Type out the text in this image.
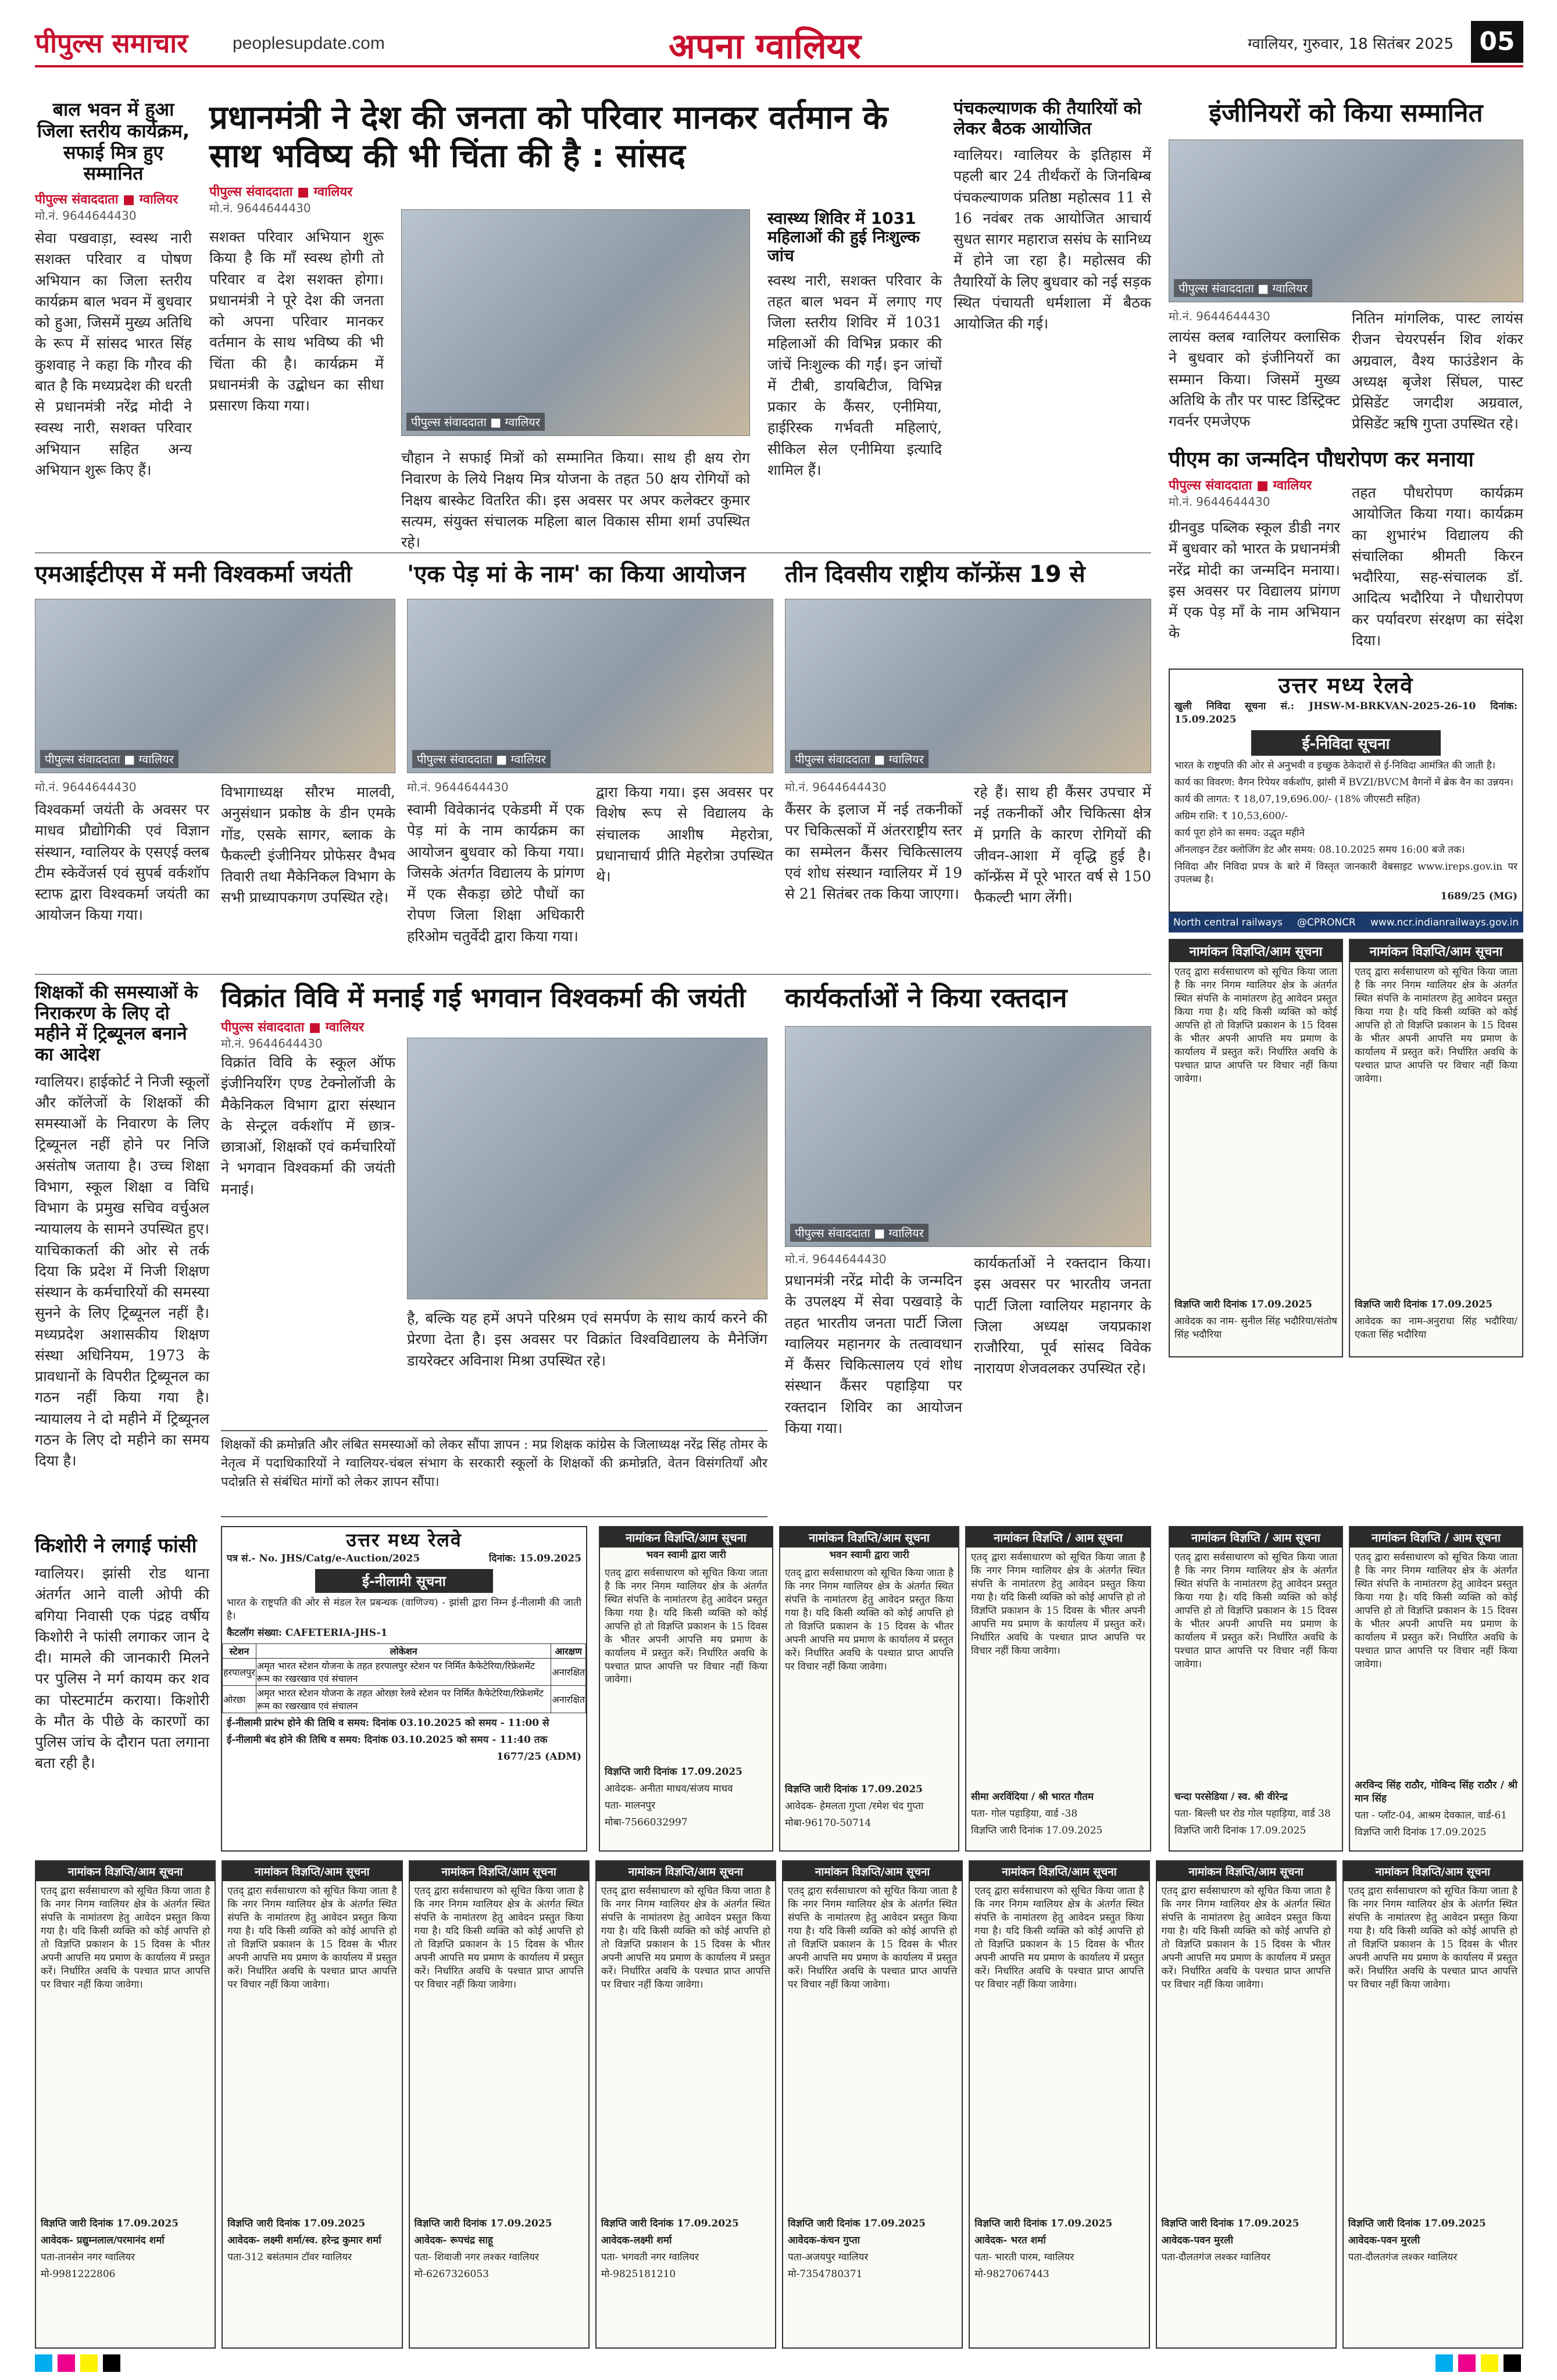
पीपुल्स समाचार	peoplesupdate.com	अपना ग्वालियर	ग्वालियर, गुरुवार, 18 सितंबर 2025	05
बाल भवन में हुआ जिला स्तरीय कार्यक्रम, सफाई मित्र हुए सम्मानित
पीपुल्स संवाददाता ■ ग्वालियर
मो.नं. 9644644430
सेवा पखवाड़ा, स्वस्थ नारी सशक्त परिवार व पोषण अभियान का जिला स्तरीय कार्यक्रम बाल भवन में बुधवार को हुआ, जिसमें मुख्य अतिथि के रूप में सांसद भारत सिंह कुशवाह ने कहा कि गौरव की बात है कि मध्यप्रदेश की धरती से प्रधानमंत्री नरेंद्र मोदी ने स्वस्थ नारी, सशक्त परिवार अभियान सहित अन्य अभियान शुरू किए हैं।
प्रधानमंत्री ने देश की जनता को परिवार मानकर वर्तमान के साथ भविष्य की भी चिंता की है : सांसद
पीपुल्स संवाददाता ■ ग्वालियर
मो.नं. 9644644430
सशक्त परिवार अभियान शुरू किया है कि माँ स्वस्थ होगी तो परिवार व देश सशक्त होगा। प्रधानमंत्री ने पूरे देश की जनता को अपना परिवार मानकर वर्तमान के साथ भविष्य की भी चिंता की है। कार्यक्रम में प्रधानमंत्री के उद्बोधन का सीधा प्रसारण किया गया।
पीपुल्स संवाददाता ■ ग्वालियर
चौहान ने सफाई मित्रों को सम्मानित किया। साथ ही क्षय रोग निवारण के लिये निक्षय मित्र योजना के तहत 50 क्षय रोगियों को निक्षय बास्केट वितरित की। इस अवसर पर अपर कलेक्टर कुमार सत्यम, संयुक्त संचालक महिला बाल विकास सीमा शर्मा उपस्थित रहे।
स्वास्थ्य शिविर में 1031 महिलाओं की हुई निःशुल्क जांच
स्वस्थ नारी, सशक्त परिवार के तहत बाल भवन में लगाए गए जिला स्तरीय शिविर में 1031 महिलाओं की विभिन्न प्रकार की जांचें निःशुल्क की गईं। इन जांचों में टीबी, डायबिटीज, विभिन्न प्रकार के कैंसर, एनीमिया, हाईरिस्क गर्भवती महिलाएं, सीकिल सेल एनीमिया इत्यादि शामिल हैं।
पंचकल्याणक की तैयारियों को लेकर बैठक आयोजित
ग्वालियर। ग्वालियर के इतिहास में पहली बार 24 तीर्थंकरों के जिनबिम्ब पंचकल्याणक प्रतिष्ठा महोत्सव 11 से 16 नवंबर तक आयोजित आचार्य सुधत सागर महाराज ससंघ के सानिध्य में होने जा रहा है। महोत्सव की तैयारियों के लिए बुधवार को नई सड़क स्थित पंचायती धर्मशाला में बैठक आयोजित की गई।
इंजीनियरों को किया सम्मानित
पीपुल्स संवाददाता ■ ग्वालियर
मो.नं. 9644644430
लायंस क्लब ग्वालियर क्लासिक ने बुधवार को इंजीनियरों का सम्मान किया। जिसमें मुख्य अतिथि के तौर पर पास्ट डिस्ट्रिक्ट गवर्नर एमजेएफ
नितिन मांगलिक, पास्ट लायंस रीजन चेयरपर्सन शिव शंकर अग्रवाल, वैश्य फाउंडेशन के अध्यक्ष बृजेश सिंघल, पास्ट प्रेसिडेंट जगदीश अग्रवाल, प्रेसिडेंट ऋषि गुप्ता उपस्थित रहे।
पीएम का जन्मदिन पौधरोपण कर मनाया
पीपुल्स संवाददाता ■ ग्वालियर
मो.नं. 9644644430
ग्रीनवुड पब्लिक स्कूल डीडी नगर में बुधवार को भारत के प्रधानमंत्री नरेंद्र मोदी का जन्मदिन मनाया। इस अवसर पर विद्यालय प्रांगण में एक पेड़ माँ के नाम अभियान के
तहत पौधरोपण कार्यक्रम आयोजित किया गया। कार्यक्रम का शुभारंभ विद्यालय की संचालिका श्रीमती किरन भदौरिया, सह-संचालक डॉ. आदित्य भदौरिया ने पौधारोपण कर पर्यावरण संरक्षण का संदेश दिया।
एमआईटीएस में मनी विश्वकर्मा जयंती
पीपुल्स संवाददाता ■ ग्वालियर
मो.नं. 9644644430
विश्वकर्मा जयंती के अवसर पर माधव प्रौद्योगिकी एवं विज्ञान संस्थान, ग्वालियर के एसएई क्लब टीम स्केवेंजर्स एवं सुपर्ब वर्कशॉप स्टाफ द्वारा विश्वकर्मा जयंती का आयोजन किया गया।
विभागाध्यक्ष सौरभ मालवी, अनुसंधान प्रकोष्ठ के डीन एमके गोंड, एसके सागर, ब्लाक के फैकल्टी इंजीनियर प्रोफेसर वैभव तिवारी तथा मैकेनिकल विभाग के सभी प्राध्यापकगण उपस्थित रहे।
'एक पेड़ मां के नाम' का किया आयोजन
पीपुल्स संवाददाता ■ ग्वालियर
मो.नं. 9644644430
स्वामी विवेकानंद एकेडमी में एक पेड़ मां के नाम कार्यक्रम का आयोजन बुधवार को किया गया। जिसके अंतर्गत विद्यालय के प्रांगण में एक सैकड़ा छोटे पौधों का रोपण जिला शिक्षा अधिकारी हरिओम चतुर्वेदी द्वारा किया गया।
द्वारा किया गया। इस अवसर पर विशेष रूप से विद्यालय के संचालक आशीष मेहरोत्रा, प्रधानाचार्य प्रीति मेहरोत्रा उपस्थित थे।
तीन दिवसीय राष्ट्रीय कॉन्फ्रेंस 19 से
पीपुल्स संवाददाता ■ ग्वालियर
मो.नं. 9644644430
कैंसर के इलाज में नई तकनीकों पर चिकित्सकों में अंतरराष्ट्रीय स्तर का सम्मेलन कैंसर चिकित्सालय एवं शोध संस्थान ग्वालियर में 19 से 21 सितंबर तक किया जाएगा।
रहे हैं। साथ ही कैंसर उपचार में नई तकनीकों और चिकित्सा क्षेत्र में प्रगति के कारण रोगियों की जीवन-आशा में वृद्धि हुई है। कॉन्फ्रेंस में पूरे भारत वर्ष से 150 फैकल्टी भाग लेंगी।
उत्तर मध्य रेलवे
खुली निविदा सूचना सं.: JHSW-M-BRKVAN-2025-26-10 दिनांक: 15.09.2025
ई-निविदा सूचना
भारत के राष्ट्रपति की ओर से अनुभवी व इच्छुक ठेकेदारों से ई-निविदा आमंत्रित की जाती है।
कार्य का विवरण: वैगन रिपेयर वर्कशॉप, झांसी में BVZI/BVCM वैगनों में ब्रेक वैन का उन्नयन।
कार्य की लागत: ₹ 18,07,19,696.00/- (18% जीएसटी सहित)
अग्रिम राशि: ₹ 10,53,600/-
कार्य पूरा होने का समय: उद्धृत महीने
ऑनलाइन टेंडर क्लोजिंग डेट और समय: 08.10.2025 समय 16:00 बजे तक।
निविदा और निविदा प्रपत्र के बारे में विस्तृत जानकारी वेबसाइट www.ireps.gov.in पर उपलब्ध है।
1689/25 (MG)
North central railways @CPRONCR www.ncr.indianrailways.gov.in
शिक्षकों की समस्याओं के निराकरण के लिए दो महीने में ट्रिब्यूनल बनाने का आदेश
ग्वालियर। हाईकोर्ट ने निजी स्कूलों और कॉलेजों के शिक्षकों की समस्याओं के निवारण के लिए ट्रिब्यूनल नहीं होने पर निजि असंतोष जताया है। उच्च शिक्षा विभाग, स्कूल शिक्षा व विधि विभाग के प्रमुख सचिव वर्चुअल न्यायालय के सामने उपस्थित हुए। याचिकाकर्ता की ओर से तर्क दिया कि प्रदेश में निजी शिक्षण संस्थान के कर्मचारियों की समस्या सुनने के लिए ट्रिब्यूनल नहीं है। मध्यप्रदेश अशासकीय शिक्षण संस्था अधिनियम, 1973 के प्रावधानों के विपरीत ट्रिब्यूनल का गठन नहीं किया गया है। न्यायालय ने दो महीने में ट्रिब्यूनल गठन के लिए दो महीने का समय दिया है।
विक्रांत विवि में मनाई गई भगवान विश्वकर्मा की जयंती
पीपुल्स संवाददाता ■ ग्वालियर
मो.नं. 9644644430
विक्रांत विवि के स्कूल ऑफ इंजीनियरिंग एण्ड टेक्नोलॉजी के मैकेनिकल विभाग द्वारा संस्थान के सेन्ट्रल वर्कशॉप में छात्र-छात्राओं, शिक्षकों एवं कर्मचारियों ने भगवान विश्वकर्मा की जयंती मनाई।
है, बल्कि यह हमें अपने परिश्रम एवं समर्पण के साथ कार्य करने की प्रेरणा देता है। इस अवसर पर विक्रांत विश्वविद्यालय के मैनेजिंग डायरेक्टर अविनाश मिश्रा उपस्थित रहे।
कार्यकर्ताओं ने किया रक्तदान
पीपुल्स संवाददाता ■ ग्वालियर
मो.नं. 9644644430
प्रधानमंत्री नरेंद्र मोदी के जन्मदिन के उपलक्ष्य में सेवा पखवाड़े के तहत भारतीय जनता पार्टी जिला ग्वालियर महानगर के तत्वावधान में कैंसर चिकित्सालय एवं शोध संस्थान कैंसर पहाड़िया पर रक्तदान शिविर का आयोजन किया गया।
कार्यकर्ताओं ने रक्तदान किया। इस अवसर पर भारतीय जनता पार्टी जिला ग्वालियर महानगर के जिला अध्यक्ष जयप्रकाश राजौरिया, पूर्व सांसद विवेक नारायण शेजवलकर उपस्थित रहे।
नामांकन विज्ञप्ति/आम सूचना
एतद् द्वारा सर्वसाधारण को सूचित किया जाता है कि नगर निगम ग्वालियर क्षेत्र के अंतर्गत स्थित संपत्ति के नामांतरण हेतु आवेदन प्रस्तुत किया गया है। यदि किसी व्यक्ति को कोई आपत्ति हो तो विज्ञप्ति प्रकाशन के 15 दिवस के भीतर अपनी आपत्ति मय प्रमाण के कार्यालय में प्रस्तुत करें। निर्धारित अवधि के पश्चात प्राप्त आपत्ति पर विचार नहीं किया जावेगा।
विज्ञप्ति जारी दिनांक 17.09.2025
आवेदक का नाम- सुनील सिंह भदौरिया/संतोष सिंह भदौरिया
नामांकन विज्ञप्ति/आम सूचना
एतद् द्वारा सर्वसाधारण को सूचित किया जाता है कि नगर निगम ग्वालियर क्षेत्र के अंतर्गत स्थित संपत्ति के नामांतरण हेतु आवेदन प्रस्तुत किया गया है। यदि किसी व्यक्ति को कोई आपत्ति हो तो विज्ञप्ति प्रकाशन के 15 दिवस के भीतर अपनी आपत्ति मय प्रमाण के कार्यालय में प्रस्तुत करें। निर्धारित अवधि के पश्चात प्राप्त आपत्ति पर विचार नहीं किया जावेगा।
विज्ञप्ति जारी दिनांक 17.09.2025
आवेदक का नाम-अनुराधा सिंह भदौरिया/एकता सिंह भदौरिया
शिक्षकों की क्रमोन्नति और लंबित समस्याओं को लेकर सौंपा ज्ञापन : मप्र शिक्षक कांग्रेस के जिलाध्यक्ष नरेंद्र सिंह तोमर के नेतृत्व में पदाधिकारियों ने ग्वालियर-चंबल संभाग के सरकारी स्कूलों के शिक्षकों की क्रमोन्नति, वेतन विसंगतियाँ और पदोन्नति से संबंधित मांगों को लेकर ज्ञापन सौंपा।
किशोरी ने लगाई फांसी
ग्वालियर। झांसी रोड थाना अंतर्गत आने वाली ओपी की बगिया निवासी एक पंद्रह वर्षीय किशोरी ने फांसी लगाकर जान दे दी। मामले की जानकारी मिलने पर पुलिस ने मर्ग कायम कर शव का पोस्टमार्टम कराया। किशोरी के मौत के पीछे के कारणों का पुलिस जांच के दौरान पता लगाना बता रही है।
उत्तर मध्य रेलवे
पत्र सं.- No. JHS/Catg/e-Auction/2025	दिनांक: 15.09.2025
ई-नीलामी सूचना
भारत के राष्ट्रपति की ओर से मंडल रेल प्रबन्धक (वाणिज्य) - झांसी द्वारा निम्न ई-नीलामी की जाती है।
कैटलॉग संख्या: CAFETERIA-JHS-1
स्टेशन	लोकेशन	आरक्षण
हरपालपुर	अमृत भारत स्टेशन योजना के तहत हरपालपुर स्टेशन पर निर्मित कैफेटेरिया/रिफ्रेशमेंट रूम का रखरखाव एवं संचालन	अनारक्षित
ओरछा	अमृत भारत स्टेशन योजना के तहत ओरछा रेलवे स्टेशन पर निर्मित कैफेटेरिया/रिफ्रेशमेंट रूम का रखरखाव एवं संचालन	अनारक्षित
ई-नीलामी प्रारंभ होने की तिथि व समय: दिनांक 03.10.2025 को समय - 11:00 से
ई-नीलामी बंद होने की तिथि व समय: दिनांक 03.10.2025 को समय - 11:40 तक
1677/25 (ADM)
नामांकन विज्ञप्ति/आम सूचना
भवन स्वामी द्वारा जारी
एतद् द्वारा सर्वसाधारण को सूचित किया जाता है कि नगर निगम ग्वालियर क्षेत्र के अंतर्गत स्थित संपत्ति के नामांतरण हेतु आवेदन प्रस्तुत किया गया है। यदि किसी व्यक्ति को कोई आपत्ति हो तो विज्ञप्ति प्रकाशन के 15 दिवस के भीतर अपनी आपत्ति मय प्रमाण के कार्यालय में प्रस्तुत करें। निर्धारित अवधि के पश्चात प्राप्त आपत्ति पर विचार नहीं किया जावेगा।
विज्ञप्ति जारी दिनांक 17.09.2025
आवेदक- अनीता माधव/संजय माधव
पता- मालनपुर
मोबा-7566032997
नामांकन विज्ञप्ति/आम सूचना
भवन स्वामी द्वारा जारी
एतद् द्वारा सर्वसाधारण को सूचित किया जाता है कि नगर निगम ग्वालियर क्षेत्र के अंतर्गत स्थित संपत्ति के नामांतरण हेतु आवेदन प्रस्तुत किया गया है। यदि किसी व्यक्ति को कोई आपत्ति हो तो विज्ञप्ति प्रकाशन के 15 दिवस के भीतर अपनी आपत्ति मय प्रमाण के कार्यालय में प्रस्तुत करें। निर्धारित अवधि के पश्चात प्राप्त आपत्ति पर विचार नहीं किया जावेगा।
विज्ञप्ति जारी दिनांक 17.09.2025
आवेदक- हेमलता गुप्ता /रमेश चंद गुप्ता
मोबा-96170-50714
नामांकन विज्ञप्ति / आम सूचना
एतद् द्वारा सर्वसाधारण को सूचित किया जाता है कि नगर निगम ग्वालियर क्षेत्र के अंतर्गत स्थित संपत्ति के नामांतरण हेतु आवेदन प्रस्तुत किया गया है। यदि किसी व्यक्ति को कोई आपत्ति हो तो विज्ञप्ति प्रकाशन के 15 दिवस के भीतर अपनी आपत्ति मय प्रमाण के कार्यालय में प्रस्तुत करें। निर्धारित अवधि के पश्चात प्राप्त आपत्ति पर विचार नहीं किया जावेगा।
सीमा अरविंदिया / श्री भारत गौतम
पता- गोल पहाड़िया, वार्ड -38
विज्ञप्ति जारी दिनांक 17.09.2025
नामांकन विज्ञप्ति / आम सूचना
एतद् द्वारा सर्वसाधारण को सूचित किया जाता है कि नगर निगम ग्वालियर क्षेत्र के अंतर्गत स्थित संपत्ति के नामांतरण हेतु आवेदन प्रस्तुत किया गया है। यदि किसी व्यक्ति को कोई आपत्ति हो तो विज्ञप्ति प्रकाशन के 15 दिवस के भीतर अपनी आपत्ति मय प्रमाण के कार्यालय में प्रस्तुत करें। निर्धारित अवधि के पश्चात प्राप्त आपत्ति पर विचार नहीं किया जावेगा।
चन्दा परसेडिया / स्व. श्री वीरेन्द्र
पता- बिल्ली घर रोड गोल पहाड़िया, वार्ड 38
विज्ञप्ति जारी दिनांक 17.09.2025
नामांकन विज्ञप्ति / आम सूचना
एतद् द्वारा सर्वसाधारण को सूचित किया जाता है कि नगर निगम ग्वालियर क्षेत्र के अंतर्गत स्थित संपत्ति के नामांतरण हेतु आवेदन प्रस्तुत किया गया है। यदि किसी व्यक्ति को कोई आपत्ति हो तो विज्ञप्ति प्रकाशन के 15 दिवस के भीतर अपनी आपत्ति मय प्रमाण के कार्यालय में प्रस्तुत करें। निर्धारित अवधि के पश्चात प्राप्त आपत्ति पर विचार नहीं किया जावेगा।
अरविन्द सिंह राठौर, गोविन्द सिंह राठौर / श्री मान सिंह
पता - प्लॉट-04, आश्रम देवकाल, वार्ड-61
विज्ञप्ति जारी दिनांक 17.09.2025
नामांकन विज्ञप्ति/आम सूचना
एतद् द्वारा सर्वसाधारण को सूचित किया जाता है कि नगर निगम ग्वालियर क्षेत्र के अंतर्गत स्थित संपत्ति के नामांतरण हेतु आवेदन प्रस्तुत किया गया है। यदि किसी व्यक्ति को कोई आपत्ति हो तो विज्ञप्ति प्रकाशन के 15 दिवस के भीतर अपनी आपत्ति मय प्रमाण के कार्यालय में प्रस्तुत करें। निर्धारित अवधि के पश्चात प्राप्त आपत्ति पर विचार नहीं किया जावेगा।
विज्ञप्ति जारी दिनांक 17.09.2025
आवेदक- प्रद्युम्नलाल/परमानंद शर्मा
पता-तानसेन नगर ग्वालियर
मो-9981222806
नामांकन विज्ञप्ति/आम सूचना
एतद् द्वारा सर्वसाधारण को सूचित किया जाता है कि नगर निगम ग्वालियर क्षेत्र के अंतर्गत स्थित संपत्ति के नामांतरण हेतु आवेदन प्रस्तुत किया गया है। यदि किसी व्यक्ति को कोई आपत्ति हो तो विज्ञप्ति प्रकाशन के 15 दिवस के भीतर अपनी आपत्ति मय प्रमाण के कार्यालय में प्रस्तुत करें। निर्धारित अवधि के पश्चात प्राप्त आपत्ति पर विचार नहीं किया जावेगा।
विज्ञप्ति जारी दिनांक 17.09.2025
आवेदक- लक्ष्मी शर्मा/स्व. हरेन्द्र कुमार शर्मा
पता-312 बसंतमान टॉवर ग्वालियर
नामांकन विज्ञप्ति/आम सूचना
एतद् द्वारा सर्वसाधारण को सूचित किया जाता है कि नगर निगम ग्वालियर क्षेत्र के अंतर्गत स्थित संपत्ति के नामांतरण हेतु आवेदन प्रस्तुत किया गया है। यदि किसी व्यक्ति को कोई आपत्ति हो तो विज्ञप्ति प्रकाशन के 15 दिवस के भीतर अपनी आपत्ति मय प्रमाण के कार्यालय में प्रस्तुत करें। निर्धारित अवधि के पश्चात प्राप्त आपत्ति पर विचार नहीं किया जावेगा।
विज्ञप्ति जारी दिनांक 17.09.2025
आवेदक- रूपचंद्र साहू
पता- शिवाजी नगर लश्कर ग्वालियर
मो-6267326053
नामांकन विज्ञप्ति/आम सूचना
एतद् द्वारा सर्वसाधारण को सूचित किया जाता है कि नगर निगम ग्वालियर क्षेत्र के अंतर्गत स्थित संपत्ति के नामांतरण हेतु आवेदन प्रस्तुत किया गया है। यदि किसी व्यक्ति को कोई आपत्ति हो तो विज्ञप्ति प्रकाशन के 15 दिवस के भीतर अपनी आपत्ति मय प्रमाण के कार्यालय में प्रस्तुत करें। निर्धारित अवधि के पश्चात प्राप्त आपत्ति पर विचार नहीं किया जावेगा।
विज्ञप्ति जारी दिनांक 17.09.2025
आवेदक-लक्ष्मी शर्मा
पता- भगवती नगर ग्वालियर
मो-9825181210
नामांकन विज्ञप्ति/आम सूचना
एतद् द्वारा सर्वसाधारण को सूचित किया जाता है कि नगर निगम ग्वालियर क्षेत्र के अंतर्गत स्थित संपत्ति के नामांतरण हेतु आवेदन प्रस्तुत किया गया है। यदि किसी व्यक्ति को कोई आपत्ति हो तो विज्ञप्ति प्रकाशन के 15 दिवस के भीतर अपनी आपत्ति मय प्रमाण के कार्यालय में प्रस्तुत करें। निर्धारित अवधि के पश्चात प्राप्त आपत्ति पर विचार नहीं किया जावेगा।
विज्ञप्ति जारी दिनांक 17.09.2025
आवेदक-कंचन गुप्ता
पता-अजयपुर ग्वालियर
मो-7354780371
नामांकन विज्ञप्ति/आम सूचना
एतद् द्वारा सर्वसाधारण को सूचित किया जाता है कि नगर निगम ग्वालियर क्षेत्र के अंतर्गत स्थित संपत्ति के नामांतरण हेतु आवेदन प्रस्तुत किया गया है। यदि किसी व्यक्ति को कोई आपत्ति हो तो विज्ञप्ति प्रकाशन के 15 दिवस के भीतर अपनी आपत्ति मय प्रमाण के कार्यालय में प्रस्तुत करें। निर्धारित अवधि के पश्चात प्राप्त आपत्ति पर विचार नहीं किया जावेगा।
विज्ञप्ति जारी दिनांक 17.09.2025
आवेदक- भरत शर्मा
पता- भारती पारम, ग्वालियर
मो-9827067443
नामांकन विज्ञप्ति/आम सूचना
एतद् द्वारा सर्वसाधारण को सूचित किया जाता है कि नगर निगम ग्वालियर क्षेत्र के अंतर्गत स्थित संपत्ति के नामांतरण हेतु आवेदन प्रस्तुत किया गया है। यदि किसी व्यक्ति को कोई आपत्ति हो तो विज्ञप्ति प्रकाशन के 15 दिवस के भीतर अपनी आपत्ति मय प्रमाण के कार्यालय में प्रस्तुत करें। निर्धारित अवधि के पश्चात प्राप्त आपत्ति पर विचार नहीं किया जावेगा।
विज्ञप्ति जारी दिनांक 17.09.2025
आवेदक-पवन मुरली
पता-दौलतगंज लश्कर ग्वालियर
नामांकन विज्ञप्ति/आम सूचना
एतद् द्वारा सर्वसाधारण को सूचित किया जाता है कि नगर निगम ग्वालियर क्षेत्र के अंतर्गत स्थित संपत्ति के नामांतरण हेतु आवेदन प्रस्तुत किया गया है। यदि किसी व्यक्ति को कोई आपत्ति हो तो विज्ञप्ति प्रकाशन के 15 दिवस के भीतर अपनी आपत्ति मय प्रमाण के कार्यालय में प्रस्तुत करें। निर्धारित अवधि के पश्चात प्राप्त आपत्ति पर विचार नहीं किया जावेगा।
विज्ञप्ति जारी दिनांक 17.09.2025
आवेदक-पवन मुरली
पता-दौलतगंज लश्कर ग्वालियर
